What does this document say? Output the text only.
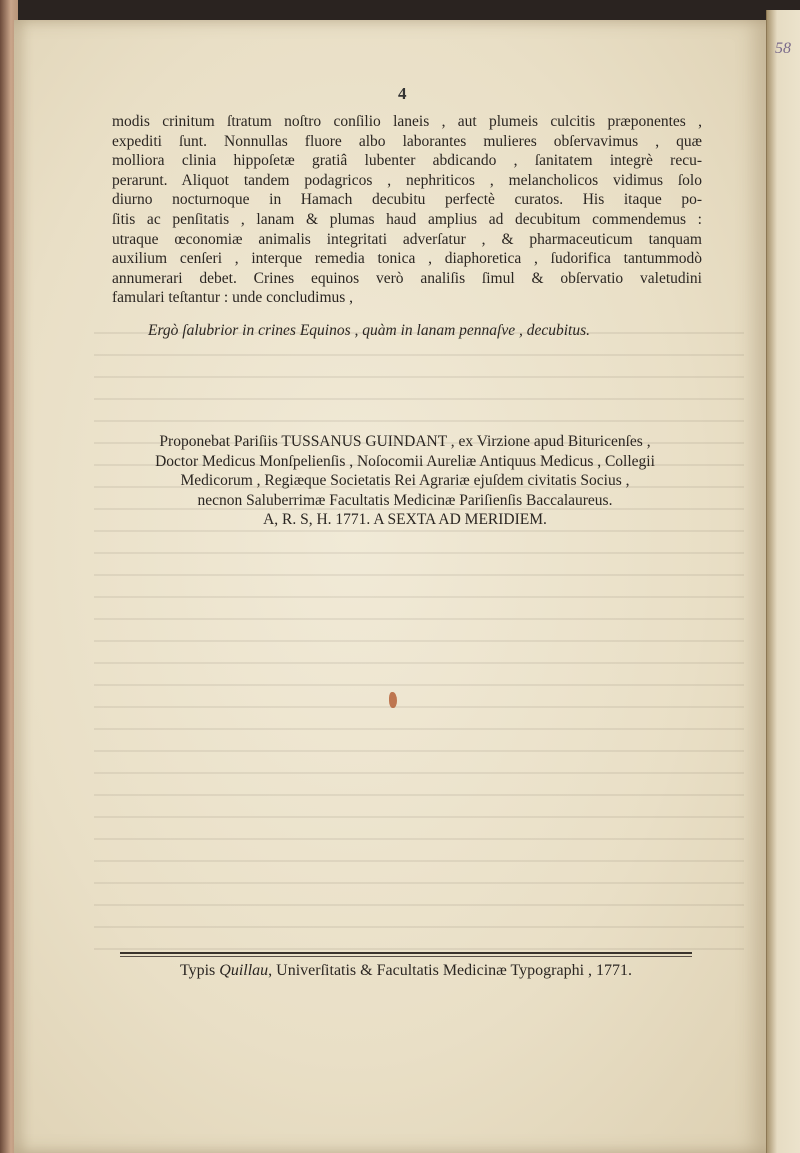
58
4
modis crinitum ſtratum noſtro conſilio laneis , aut plumeis culcitis præponentes ,
expediti ſunt. Nonnullas fluore albo laborantes mulieres obſervavimus , quæ
molliora clinia hippoſetæ gratiâ lubenter abdicando , ſanitatem integrè recu-
perarunt. Aliquot tandem podagricos , nephriticos , melancholicos vidimus ſolo
diurno nocturnoque in Hamach decubitu perfectè curatos. His itaque po-
ſitis ac penſitatis , lanam & plumas haud amplius ad decubitum commendemus :
utraque œconomiæ animalis integritati adverſatur , & pharmaceuticum tanquam
auxilium cenſeri , interque remedia tonica , diaphoretica , ſudorifica tantummodò
annumerari debet. Crines equinos verò analiſis ſimul & obſervatio valetudini
famulari teſtantur : unde concludimus ,
Ergò ſalubrior in crines Equinos , quàm in lanam pennaſve , decubitus.
Proponebat Pariſiis TUSSANUS GUINDANT , ex Virzione apud Bituricenſes ,
Doctor Medicus Monſpelienſis , Noſocomii Aureliæ Antiquus Medicus , Collegii
Medicorum , Regiæque Societatis Rei Agrariæ ejuſdem civitatis Socius ,
necnon Saluberrimæ Facultatis Medicinæ Pariſienſis Baccalaureus.
A, R. S, H. 1771. A SEXTA AD MERIDIEM.
Typis Quillau, Univerſitatis & Facultatis Medicinæ Typographi , 1771.
